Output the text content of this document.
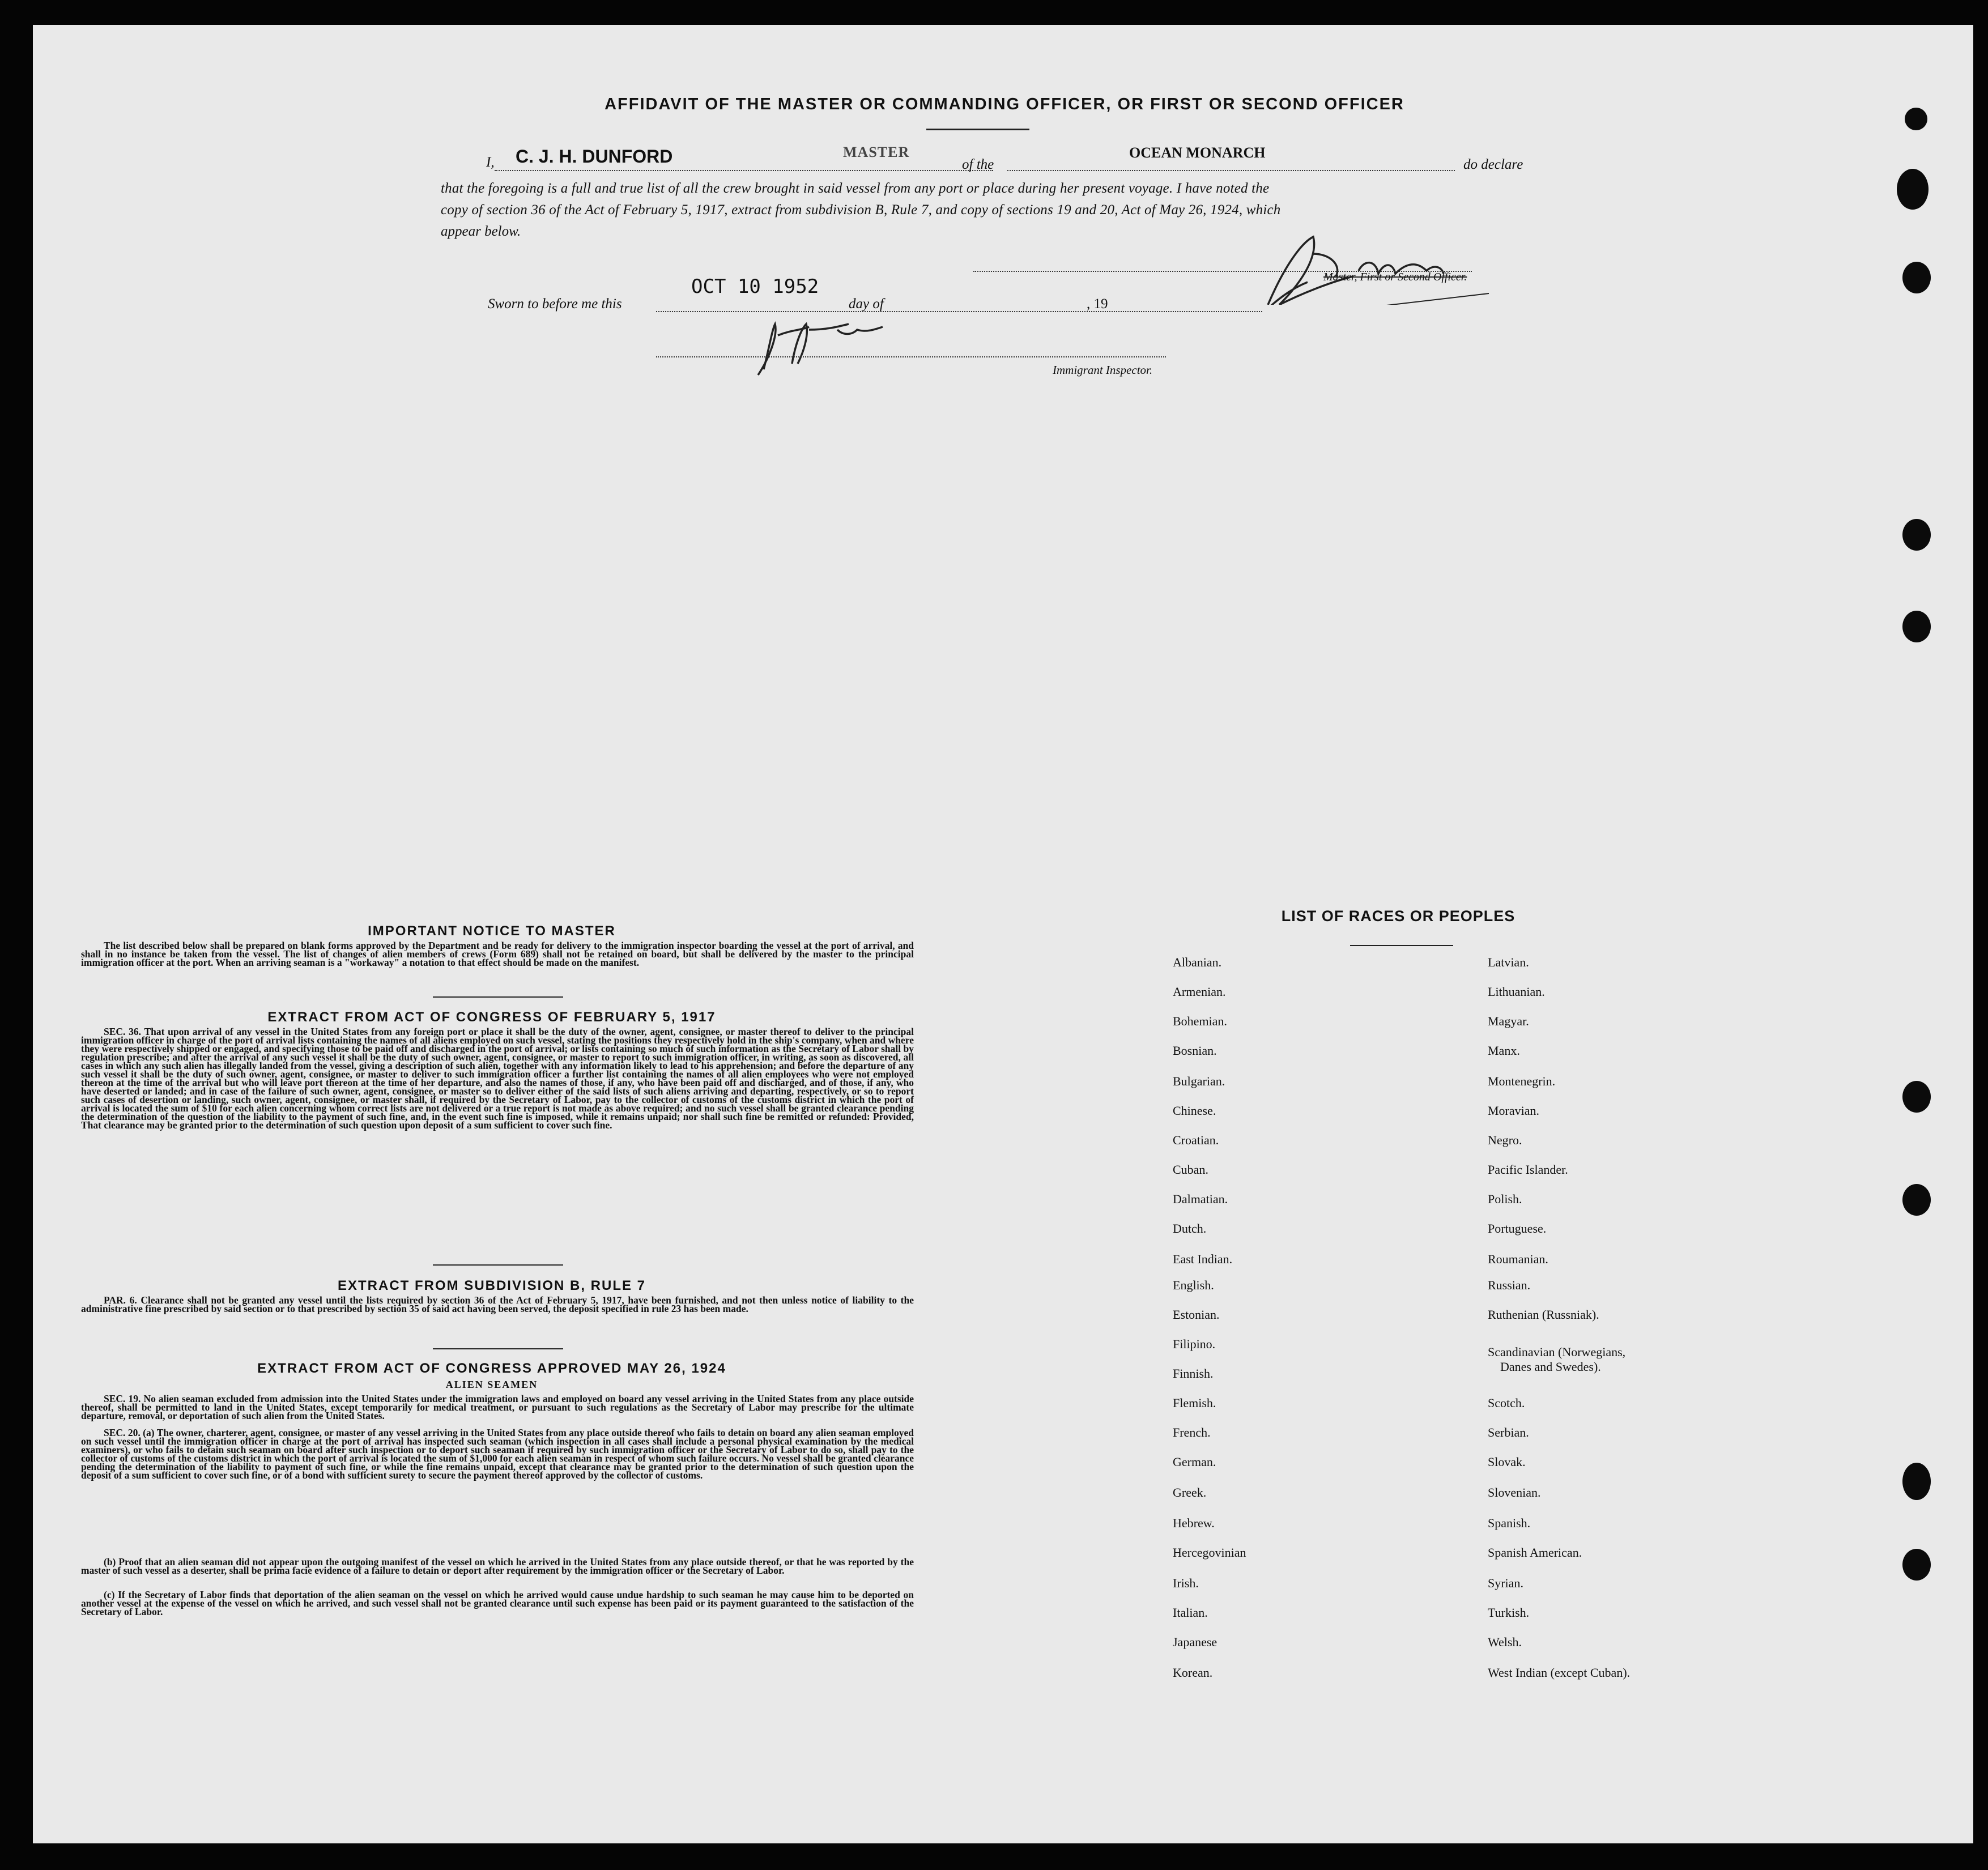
AFFIDAVIT OF THE MASTER OR COMMANDING OFFICER, OR FIRST OR SECOND OFFICER
I, C. J. H. DUNFORD	MASTER
of the
OCEAN MONARCH
do declare
that the foregoing is a full and true list of all the crew brought in said vessel from any port or place during her present voyage. I have noted the
copy of section 36 of the Act of February 5, 1917, extract from subdivision B, Rule 7, and copy of sections 19 and 20, Act of May 26, 1924, which
appear below.
Master, First or Second Officer.
Sworn to before me this
OCT 10 1952
day of	, 19
Immigrant Inspector.
IMPORTANT NOTICE TO MASTER
The list described below shall be prepared on blank forms approved by the Department and be ready for delivery to the immigration inspector boarding the vessel at the port of arrival, and shall in no instance be taken from the vessel. The list of changes of alien members of crews (Form 689) shall not be retained on board, but shall be delivered by the master to the principal immigration officer at the port. When an arriving seaman is a "workaway" a notation to that effect should be made on the manifest.
EXTRACT FROM ACT OF CONGRESS OF FEBRUARY 5, 1917
SEC. 36. That upon arrival of any vessel in the United States from any foreign port or place it shall be the duty of the owner, agent, consignee, or master thereof to deliver to the principal immigration officer in charge of the port of arrival lists containing the names of all aliens employed on such vessel, stating the positions they respectively hold in the ship's company, when and where they were respectively shipped or engaged, and specifying those to be paid off and discharged in the port of arrival; or lists containing so much of such information as the Secretary of Labor shall by regulation prescribe; and after the arrival of any such vessel it shall be the duty of such owner, agent, consignee, or master to report to such immigration officer, in writing, as soon as discovered, all cases in which any such alien has illegally landed from the vessel, giving a description of such alien, together with any information likely to lead to his apprehension; and before the departure of any such vessel it shall be the duty of such owner, agent, consignee, or master to deliver to such immigration officer a further list containing the names of all alien employees who were not employed thereon at the time of the arrival but who will leave port thereon at the time of her departure, and also the names of those, if any, who have been paid off and discharged, and of those, if any, who have deserted or landed; and in case of the failure of such owner, agent, consignee, or master so to deliver either of the said lists of such aliens arriving and departing, respectively, or so to report such cases of desertion or landing, such owner, agent, consignee, or master shall, if required by the Secretary of Labor, pay to the collector of customs of the customs district in which the port of arrival is located the sum of $10 for each alien concerning whom correct lists are not delivered or a true report is not made as above required; and no such vessel shall be granted clearance pending the determination of the question of the liability to the payment of such fine, and, in the event such fine is imposed, while it remains unpaid; nor shall such fine be remitted or refunded: Provided, That clearance may be granted prior to the determination of such question upon deposit of a sum sufficient to cover such fine.
EXTRACT FROM SUBDIVISION B, RULE 7
PAR. 6. Clearance shall not be granted any vessel until the lists required by section 36 of the Act of February 5, 1917, have been furnished, and not then unless notice of liability to the administrative fine prescribed by said section or to that prescribed by section 35 of said act having been served, the deposit specified in rule 23 has been made.
EXTRACT FROM ACT OF CONGRESS APPROVED MAY 26, 1924
ALIEN SEAMEN
SEC. 19. No alien seaman excluded from admission into the United States under the immigration laws and employed on board any vessel arriving in the United States from any place outside thereof, shall be permitted to land in the United States, except temporarily for medical treatment, or pursuant to such regulations as the Secretary of Labor may prescribe for the ultimate departure, removal, or deportation of such alien from the United States.
SEC. 20. (a) The owner, charterer, agent, consignee, or master of any vessel arriving in the United States from any place outside thereof who fails to detain on board any alien seaman employed on such vessel until the immigration officer in charge at the port of arrival has inspected such seaman (which inspection in all cases shall include a personal physical examination by the medical examiners), or who fails to detain such seaman on board after such inspection or to deport such seaman if required by such immigration officer or the Secretary of Labor to do so, shall pay to the collector of customs of the customs district in which the port of arrival is located the sum of $1,000 for each alien seaman in respect of whom such failure occurs. No vessel shall be granted clearance pending the determination of the liability to payment of such fine, or while the fine remains unpaid, except that clearance may be granted prior to the determination of such question upon the deposit of a sum sufficient to cover such fine, or of a bond with sufficient surety to secure the payment thereof approved by the collector of customs.
(b) Proof that an alien seaman did not appear upon the outgoing manifest of the vessel on which he arrived in the United States from any place outside thereof, or that he was reported by the master of such vessel as a deserter, shall be prima facie evidence of a failure to detain or deport after requirement by the immigration officer or the Secretary of Labor.
(c) If the Secretary of Labor finds that deportation of the alien seaman on the vessel on which he arrived would cause undue hardship to such seaman he may cause him to be deported on another vessel at the expense of the vessel on which he arrived, and such vessel shall not be granted clearance until such expense has been paid or its payment guaranteed to the satisfaction of the Secretary of Labor.
LIST OF RACES OR PEOPLES
Albanian.
Armenian.
Bohemian.
Bosnian.
Bulgarian.
Chinese.
Croatian.
Cuban.
Dalmatian.
Dutch.
East Indian.
English.
Estonian.
Filipino.
Finnish.
Flemish.
French.
German.
Greek.
Hebrew.
Hercegovinian
Irish.
Italian.
Japanese
Korean.
Latvian.
Lithuanian.
Magyar.
Manx.
Montenegrin.
Moravian.
Negro.
Pacific Islander.
Polish.
Portuguese.
Roumanian.
Russian.
Ruthenian (Russniak).
Scandinavian (Norwegians,
Danes and Swedes).
Scotch.
Serbian.
Slovak.
Slovenian.
Spanish.
Spanish American.
Syrian.
Turkish.
Welsh.
West Indian (except Cuban).
